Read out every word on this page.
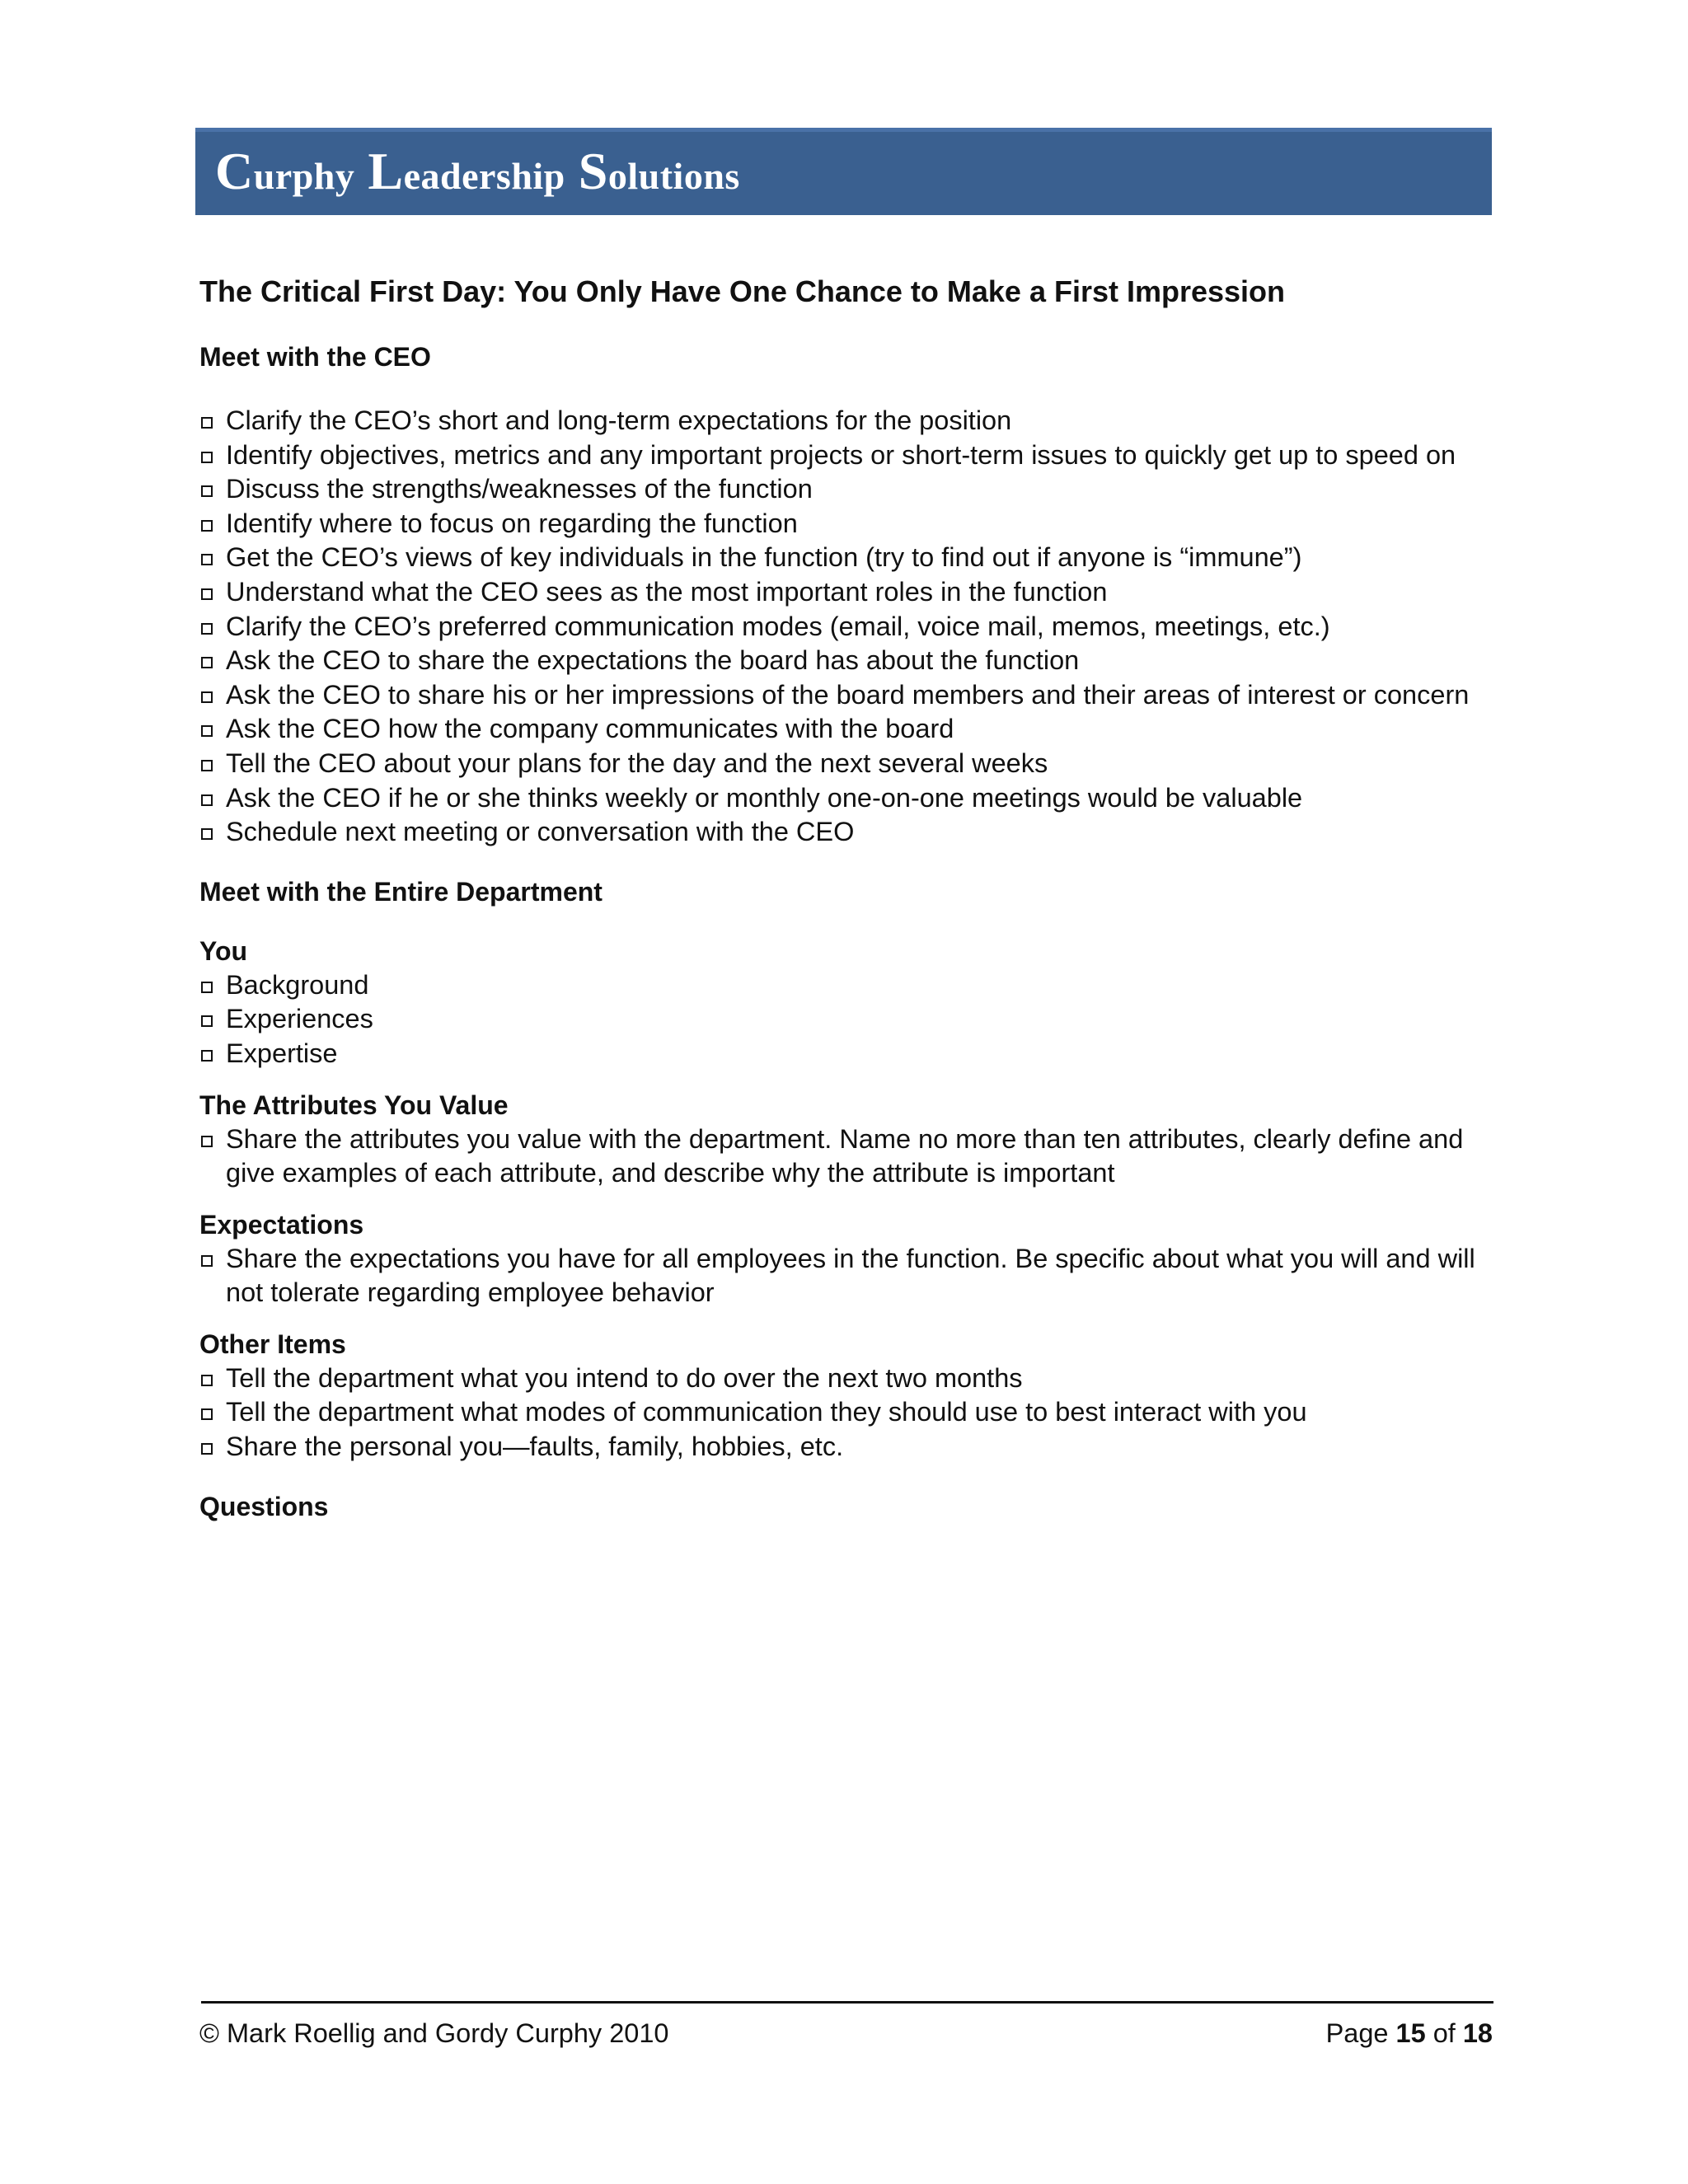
Curphy Leadership Solutions
The Critical First Day: You Only Have One Chance to Make a First Impression
Meet with the CEO
Clarify the CEO’s short and long-term expectations for the position
Identify objectives, metrics and any important projects or short-term issues to quickly get up to speed on
Discuss the strengths/weaknesses of the function
Identify where to focus on regarding the function
Get the CEO’s views of key individuals in the function (try to find out if anyone is “immune”)
Understand what the CEO sees as the most important roles in the function
Clarify the CEO’s preferred communication modes (email, voice mail, memos, meetings, etc.)
Ask the CEO to share the expectations the board has about the function
Ask the CEO to share his or her impressions of the board members and their areas of interest or concern
Ask the CEO how the company communicates with the board
Tell the CEO about your plans for the day and the next several weeks
Ask the CEO if he or she thinks weekly or monthly one-on-one meetings would be valuable
Schedule next meeting or conversation with the CEO
Meet with the Entire Department
You
Background
Experiences
Expertise
The Attributes You Value
Share the attributes you value with the department. Name no more than ten attributes, clearly define and give examples of each attribute, and describe why the attribute is important
Expectations
Share the expectations you have for all employees in the function. Be specific about what you will and will not tolerate regarding employee behavior
Other Items
Tell the department what you intend to do over the next two months
Tell the department what modes of communication they should use to best interact with you
Share the personal you—faults, family, hobbies, etc.
Questions
© Mark Roellig and Gordy Curphy 2010	Page 15 of 18
